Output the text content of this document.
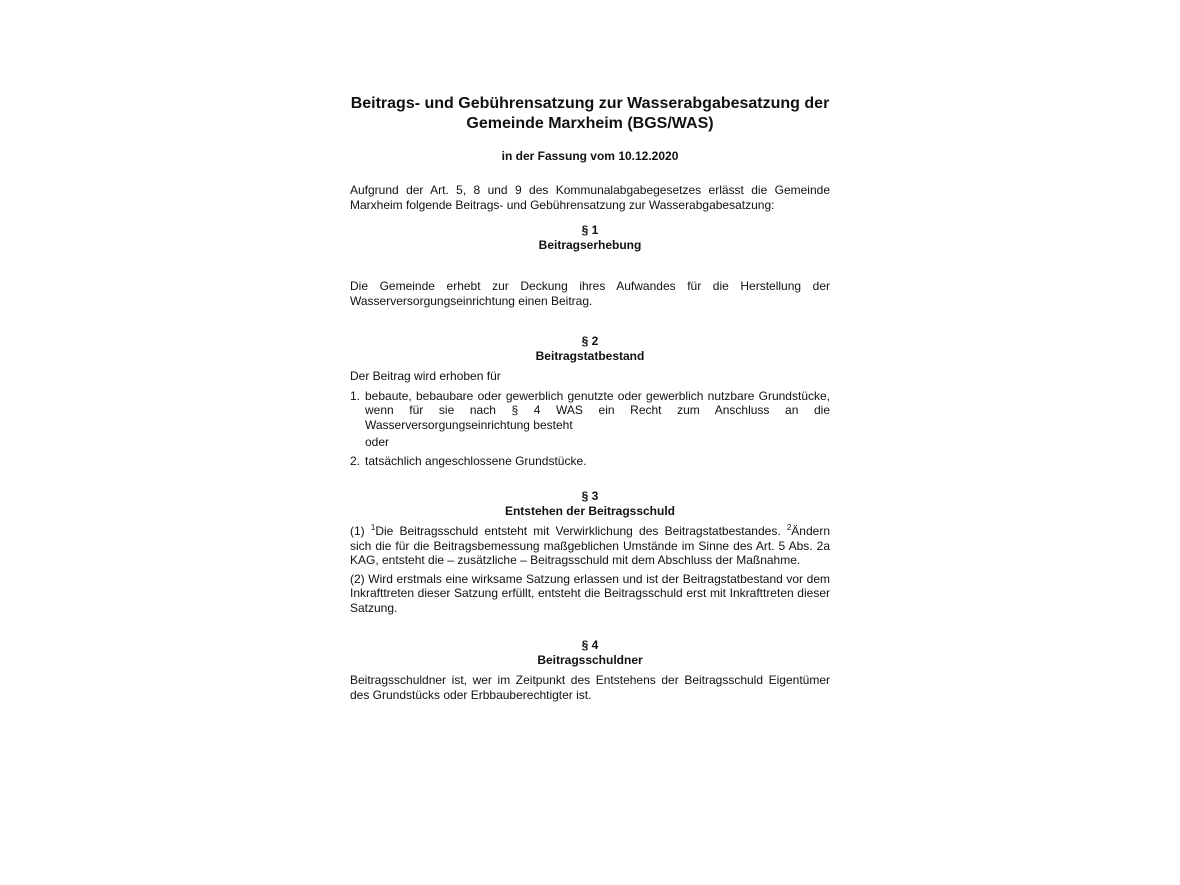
Beitrags- und Gebührensatzung zur Wasserabgabesatzung der
Gemeinde Marxheim (BGS/WAS)

in der Fassung vom 10.12.2020

Aufgrund der Art. 5, 8 und 9 des Kommunalabgabegesetzes erlässt die Gemeinde Marxheim folgende Beitrags- und Gebührensatzung zur Wasserabgabesatzung:

§ 1
Beitragserhebung

Die Gemeinde erhebt zur Deckung ihres Aufwandes für die Herstellung der Wasserversorgungseinrichtung einen Beitrag.

§ 2
Beitragstatbestand

Der Beitrag wird erhoben für

1. bebaute, bebaubare oder gewerblich genutzte oder gewerblich nutzbare Grundstücke, wenn für sie nach § 4 WAS ein Recht zum Anschluss an die Wasserversorgungseinrichtung besteht
oder
2. tatsächlich angeschlossene Grundstücke.
§ 3
Entstehen der Beitragsschuld

(1) $^1$Die Beitragsschuld entsteht mit Verwirklichung des Beitragstatbestandes. $^2$Ändern sich die für die Beitragsbemessung maßgeblichen Umstände im Sinne des Art. 5 Abs. 2a KAG, entsteht die – zusätzliche – Beitragsschuld mit dem Abschluss der Maßnahme.

(2) Wird erstmals eine wirksame Satzung erlassen und ist der Beitragstatbestand vor dem Inkrafttreten dieser Satzung erfüllt, entsteht die Beitragsschuld erst mit Inkrafttreten dieser Satzung.

§ 4
Beitragsschuldner

Beitragsschuldner ist, wer im Zeitpunkt des Entstehens der Beitragsschuld Eigentümer des Grundstücks oder Erbbauberechtigter ist.
